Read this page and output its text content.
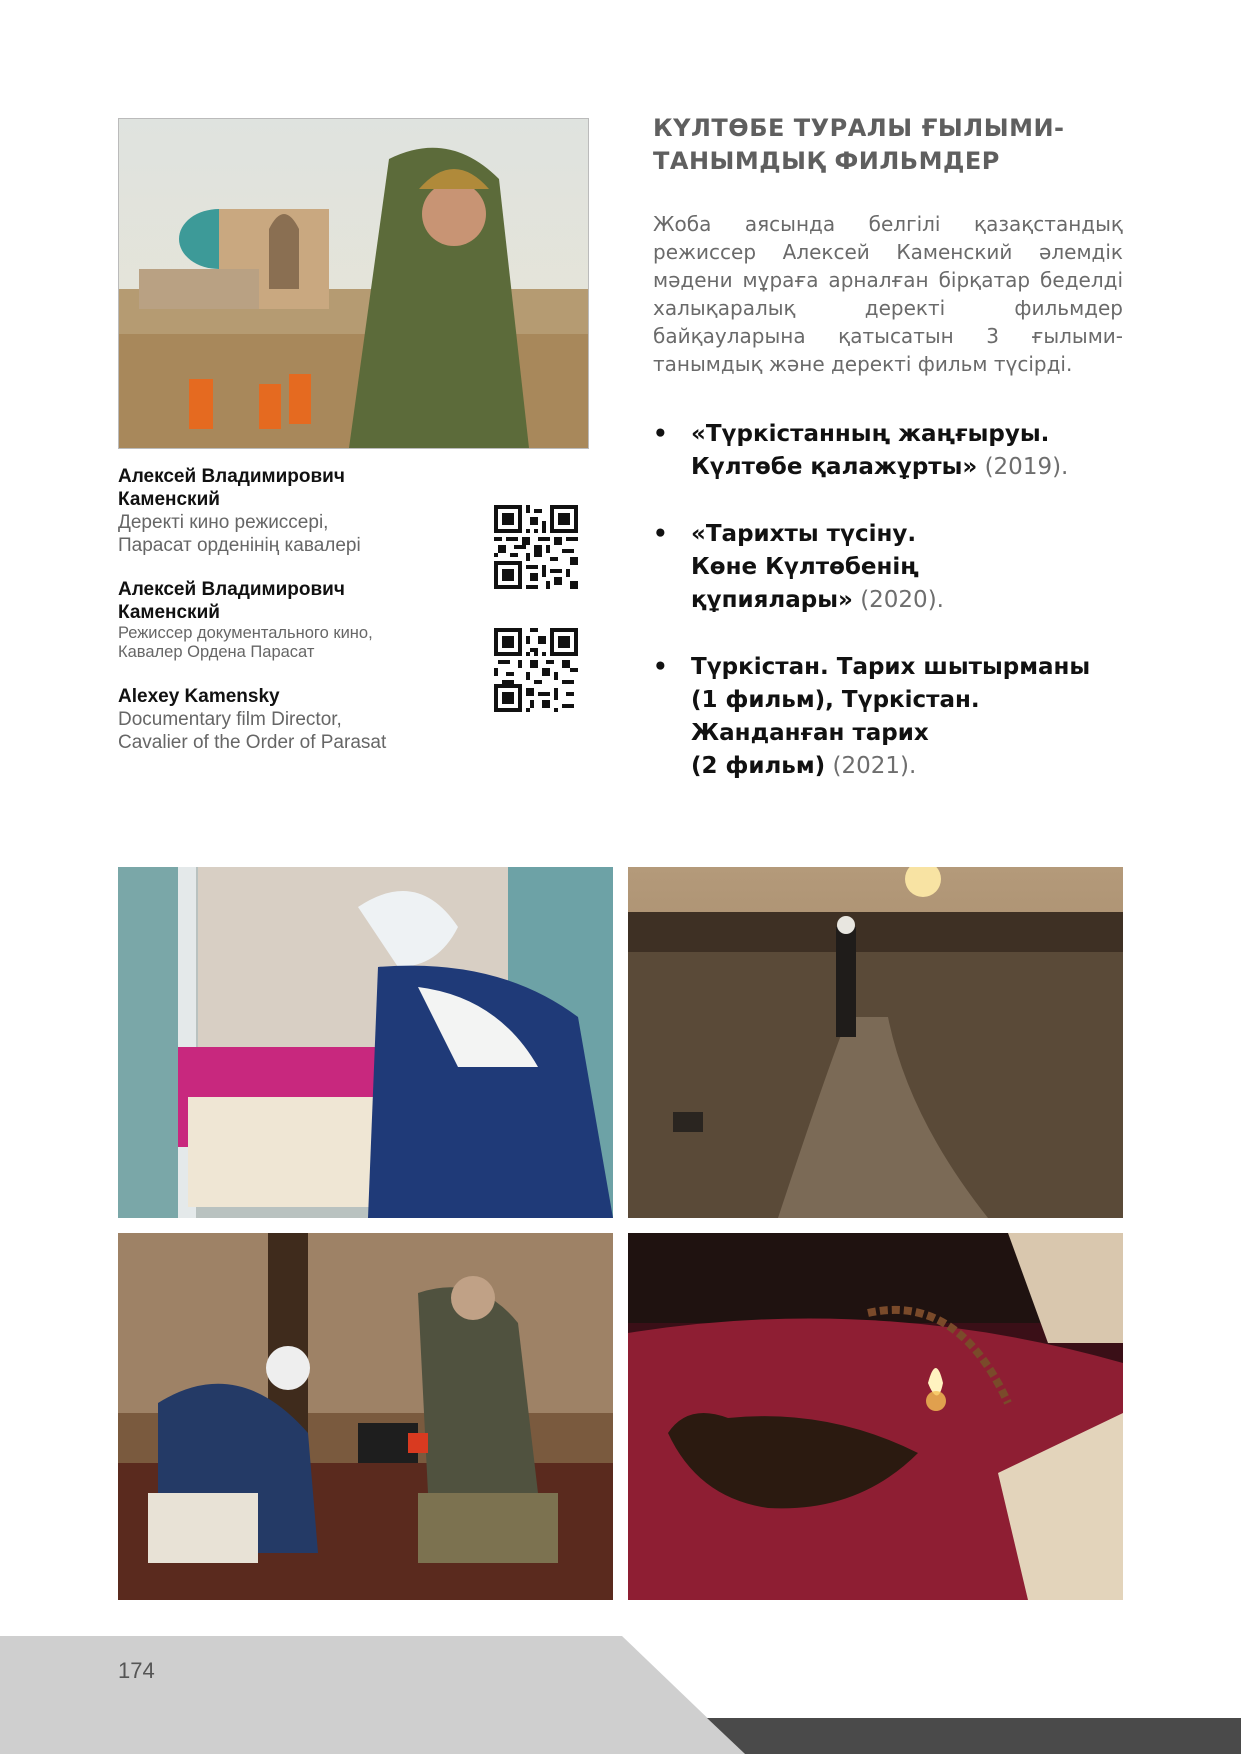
КҮЛТӨБЕ ТУРАЛЫ ҒЫЛЫМИ-
ТАНЫМДЫҚ ФИЛЬМДЕР

Жоба аясында белгілі қазақстандық режиссер Алексей Каменский әлемдік мәдени мұраға арналған бірқатар беделді халықаралық деректі фильмдер байқауларына қатысатын 3 ғылыми-танымдық және деректі фильм түсірді.

• «Түркістанның жаңғыруы.
Күлтөбе қалажұрты» (2019).
• «Тарихты түсіну.
Көне Күлтөбенің
құпиялары» (2020).
• Түркістан. Тарих шытырманы
(1 фильм), Түркістан.
Жанданған тарих
(2 фильм) (2021).

Алексей Владимирович

Каменский

Деректі кино режиссері,

Парасат орденінің кавалері

Алексей Владимирович

Каменский

Режиссер документального кино,

Кавалер Ордена Парасат

Alexey Kamensky

Documentary film Director,

Cavalier of the Order of Parasat

174
